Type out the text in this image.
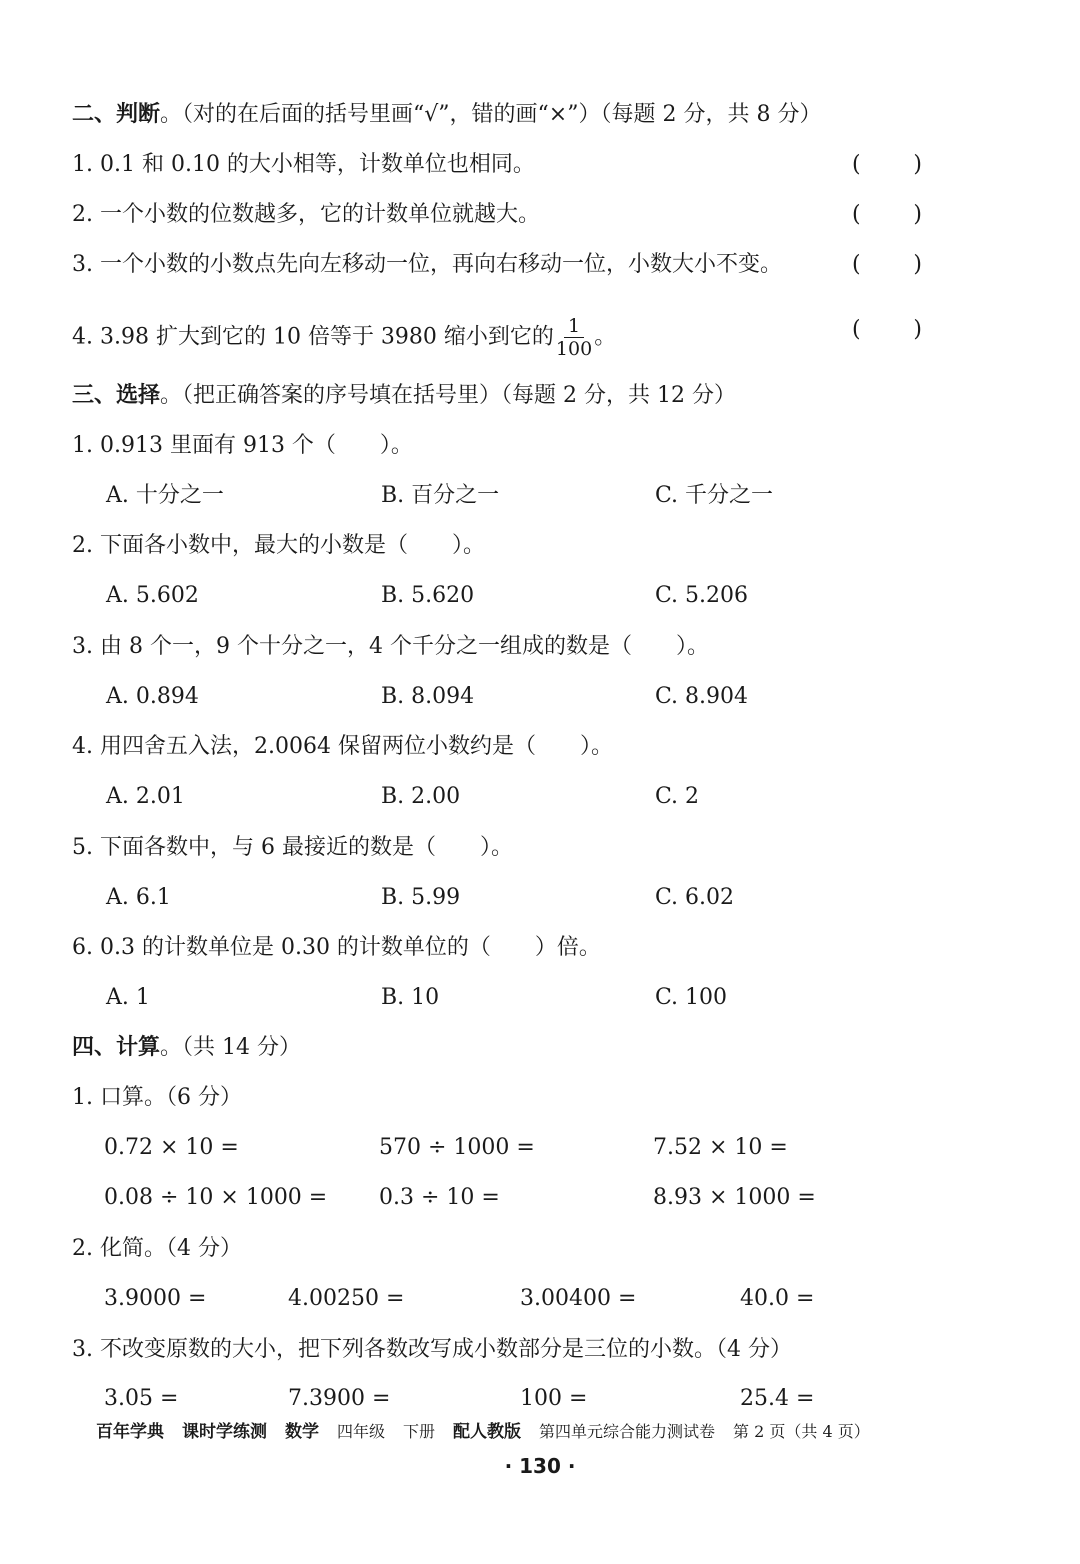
二、判断。（对的在后面的括号里画“√”，错的画“×”）（每题 2 分，共 8 分）
1. 0.1 和 0.10 的大小相等，计数单位也相同。	( )
2. 一个小数的位数越多，它的计数单位就越大。	( )
3. 一个小数的小数点先向左移动一位，再向右移动一位，小数大小不变。	( )
4. 3.98 扩大到它的 10 倍等于 3980 缩小到它的 $\frac{1}{100}$ 。	( )
三、选择。（把正确答案的序号填在括号里）（每题 2 分，共 12 分）
1. 0.913 里面有 913 个（　　）。
A. 十分之一	B. 百分之一	C. 千分之一
2. 下面各小数中，最大的小数是（　　）。
A. 5.602	B. 5.620	C. 5.206
3. 由 8 个一，9 个十分之一，4 个千分之一组成的数是（　　）。
A. 0.894	B. 8.094	C. 8.904
4. 用四舍五入法，2.0064 保留两位小数约是（　　）。
A. 2.01	B. 2.00	C. 2
5. 下面各数中，与 6 最接近的数是（　　）。
A. 6.1	B. 5.99	C. 6.02
6. 0.3 的计数单位是 0.30 的计数单位的（　　）倍。
A. 1	B. 10	C. 100
四、计算。（共 14 分）
1. 口算。（6 分）
0.72 × 10 =	570 ÷ 1000 =	7.52 × 10 =
0.08 ÷ 10 × 1000 = 0.3 ÷ 10 =	8.93 × 1000 =
2. 化简。（4 分）
3.9000 =	4.00250 =	3.00400 =	40.0 =
3. 不改变原数的大小，把下列各数改写成小数部分是三位的小数。（4 分）
3.05 =	7.3900 =	100 =	25.4 =
百年学典 课时学练测 数学 四年级 下册 配人教版 第四单元综合能力测试卷 第 2 页（共 4 页）
· 130 ·
